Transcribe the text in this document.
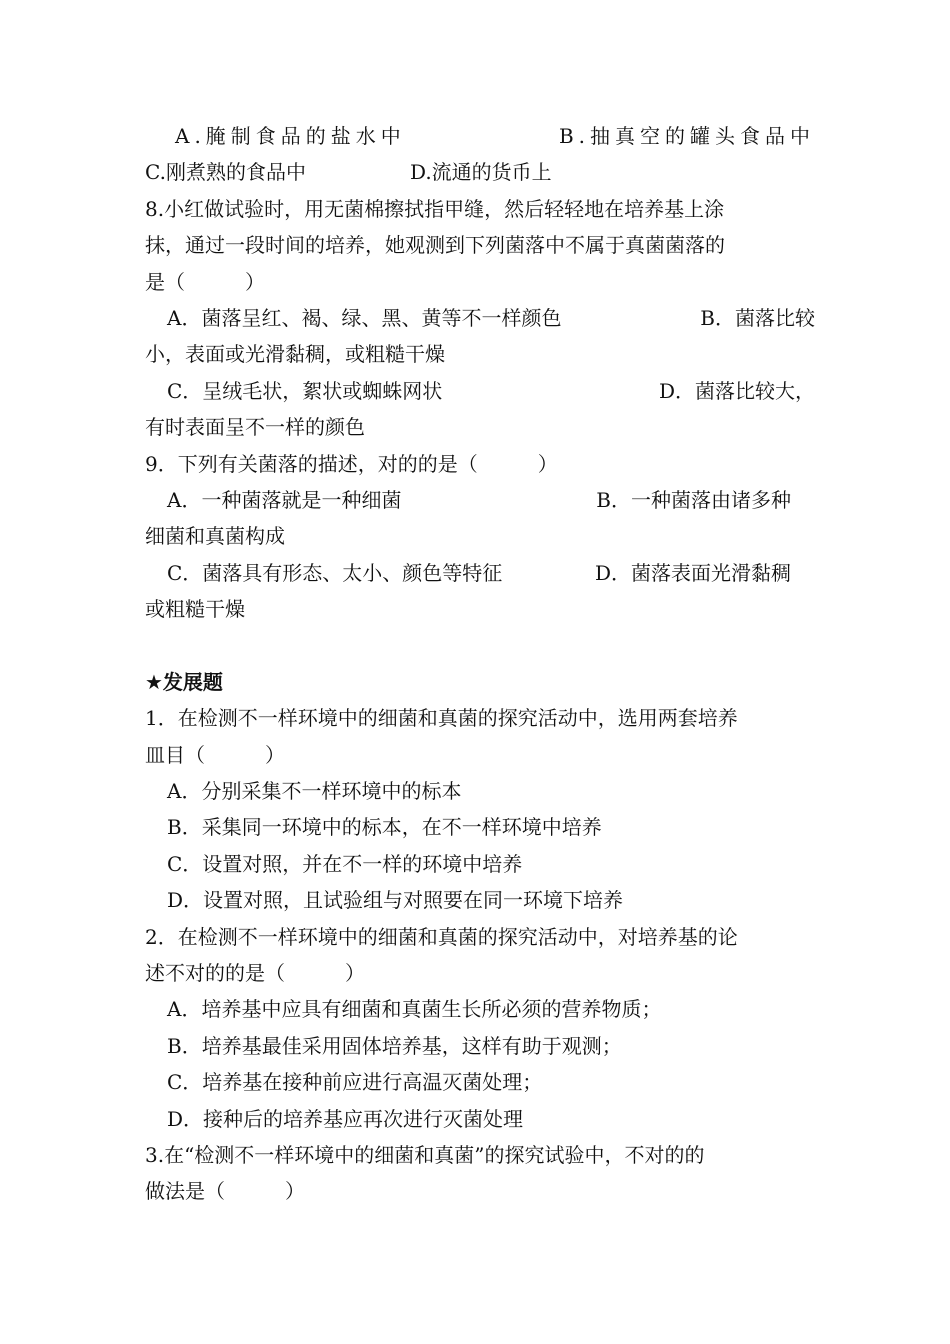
A.腌制食品的盐水中	B.抽真空的罐头食品中
C.刚煮熟的食品中	D.流通的货币上
8.小红做试验时，用无菌棉擦拭指甲缝，然后轻轻地在培养基上涂
抹，通过一段时间的培养，她观测到下列菌落中不属于真菌菌落的
是（　　　）
A．菌落呈红、褐、绿、黑、黄等不一样颜色	B．菌落比较
小，表面或光滑黏稠，或粗糙干燥
C．呈绒毛状，絮状或蜘蛛网状	D．菌落比较大，
有时表面呈不一样的颜色
9．下列有关菌落的描述，对的的是（　　　）
A．一种菌落就是一种细菌	B．一种菌落由诸多种
细菌和真菌构成
C．菌落具有形态、太小、颜色等特征	D．菌落表面光滑黏稠
或粗糙干燥
★发展题
1．在检测不一样环境中的细菌和真菌的探究活动中，选用两套培养
皿目（　　　）
A．分别采集不一样环境中的标本
B．采集同一环境中的标本，在不一样环境中培养
C．设置对照，并在不一样的环境中培养
D．设置对照，且试验组与对照要在同一环境下培养
2．在检测不一样环境中的细菌和真菌的探究活动中，对培养基的论
述不对的的是（　　　）
A．培养基中应具有细菌和真菌生长所必须的营养物质；
B．培养基最佳采用固体培养基，这样有助于观测；
C．培养基在接种前应进行高温灭菌处理；
D．接种后的培养基应再次进行灭菌处理
3.在“检测不一样环境中的细菌和真菌”的探究试验中，不对的的
做法是（　　　）
